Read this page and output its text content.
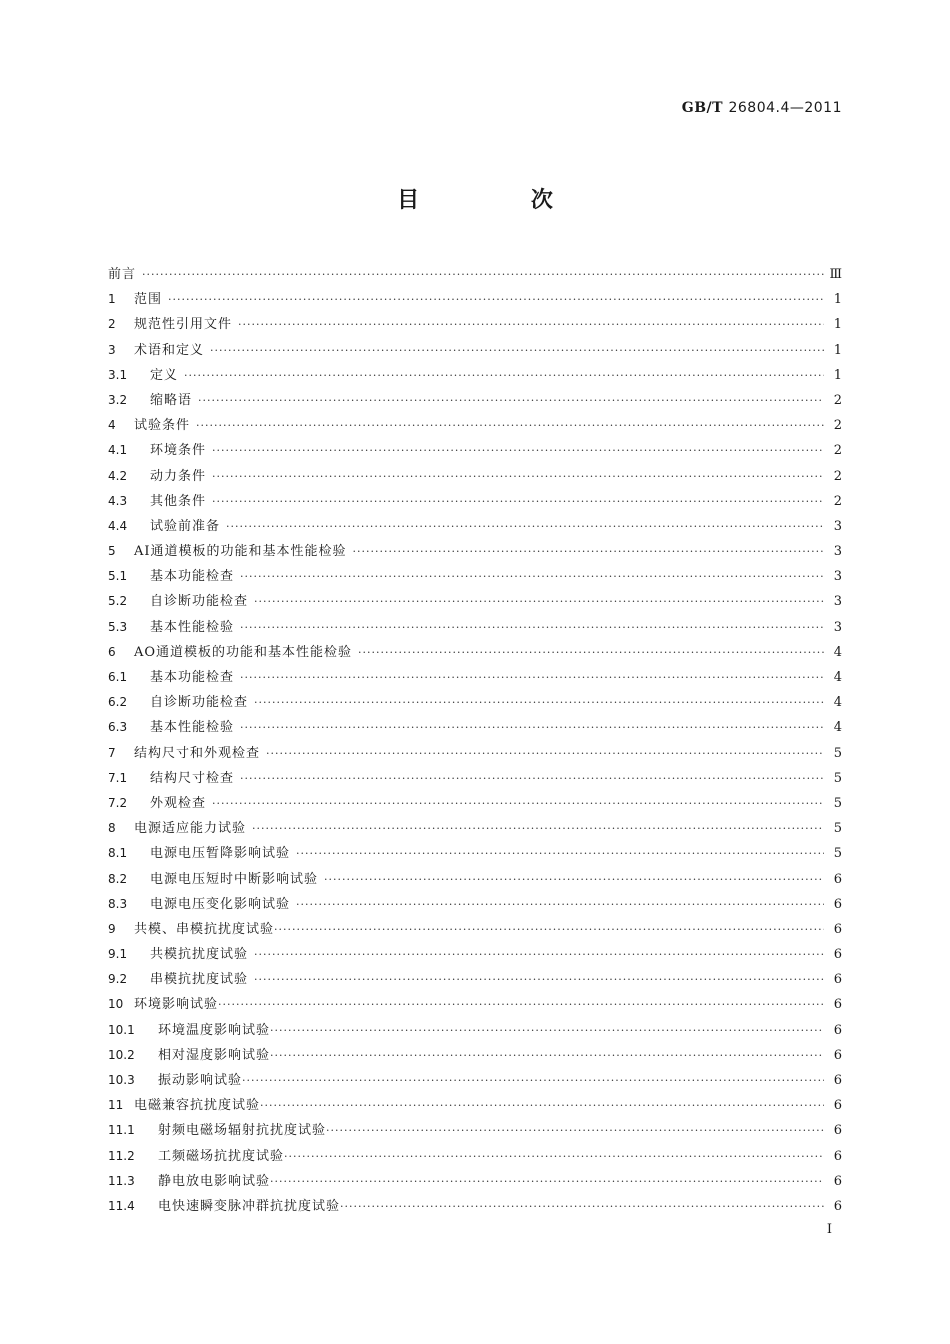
GB/T 26804.4—2011
目 次
前言 ·····	Ⅲ
1	范围 ·····	1
2	规范性引用文件 ·····	1
3	术语和定义 ·····	1
3.1	定义 ·····	1
3.2	缩略语 ·····	2
4	试验条件 ·····	2
4.1	环境条件 ·····	2
4.2	动力条件 ·····	2
4.3	其他条件 ·····	2
4.4	试验前准备 ·····	3
5	AI通道模板的功能和基本性能检验 ·····	3
5.1	基本功能检查 ·····	3
5.2	自诊断功能检查 ·····	3
5.3	基本性能检验 ·····	3
6	AO通道模板的功能和基本性能检验 ·····	4
6.1	基本功能检查 ·····	4
6.2	自诊断功能检查 ·····	4
6.3	基本性能检验 ·····	4
7	结构尺寸和外观检查 ·····	5
7.1	结构尺寸检查 ·····	5
7.2	外观检查 ·····	5
8	电源适应能力试验 ·····	5
8.1	电源电压暂降影响试验 ·····	5
8.2	电源电压短时中断影响试验 ·····	6
8.3	电源电压变化影响试验 ·····	6
9	共模、串模抗扰度试验 ·····	6
9.1	共模抗扰度试验 ·····	6
9.2	串模抗扰度试验 ·····	6
10 环境影响试验 ·····	6
10.1	环境温度影响试验 ·····	6
10.2	相对湿度影响试验 ·····	6
10.3	振动影响试验 ·····	6
11 电磁兼容抗扰度试验 ·····	6
11.1	射频电磁场辐射抗扰度试验 ·····	6
11.2	工频磁场抗扰度试验 ·····	6
11.3	静电放电影响试验 ·····	6
11.4	电快速瞬变脉冲群抗扰度试验 ·····	6
I
